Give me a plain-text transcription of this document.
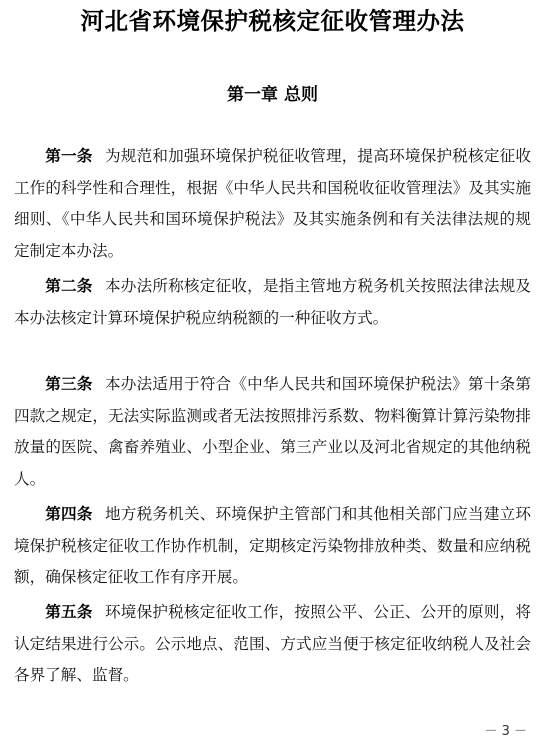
河北省环境保护税核定征收管理办法
第一章 总则

第一条 为规范和加强环境保护税征收管理，提高环境保护税核定征收工作的科学性和合理性，根据《中华人民共和国税收征收管理法》及其实施细则、《中华人民共和国环境保护税法》及其实施条例和有关法律法规的规定制定本办法。

第二条 本办法所称核定征收，是指主管地方税务机关按照法律法规及本办法核定计算环境保护税应纳税额的一种征收方式。

第三条 本办法适用于符合《中华人民共和国环境保护税法》第十条第四款之规定，无法实际监测或者无法按照排污系数、物料衡算计算污染物排放量的医院、禽畜养殖业、小型企业、第三产业以及河北省规定的其他纳税人。

第四条 地方税务机关、环境保护主管部门和其他相关部门应当建立环境保护税核定征收工作协作机制，定期核定污染物排放种类、数量和应纳税额，确保核定征收工作有序开展。

第五条 环境保护税核定征收工作，按照公平、公正、公开的原则，将认定结果进行公示。公示地点、范围、方式应当便于核定征收纳税人及社会各界了解、监督。

－ 3 －
